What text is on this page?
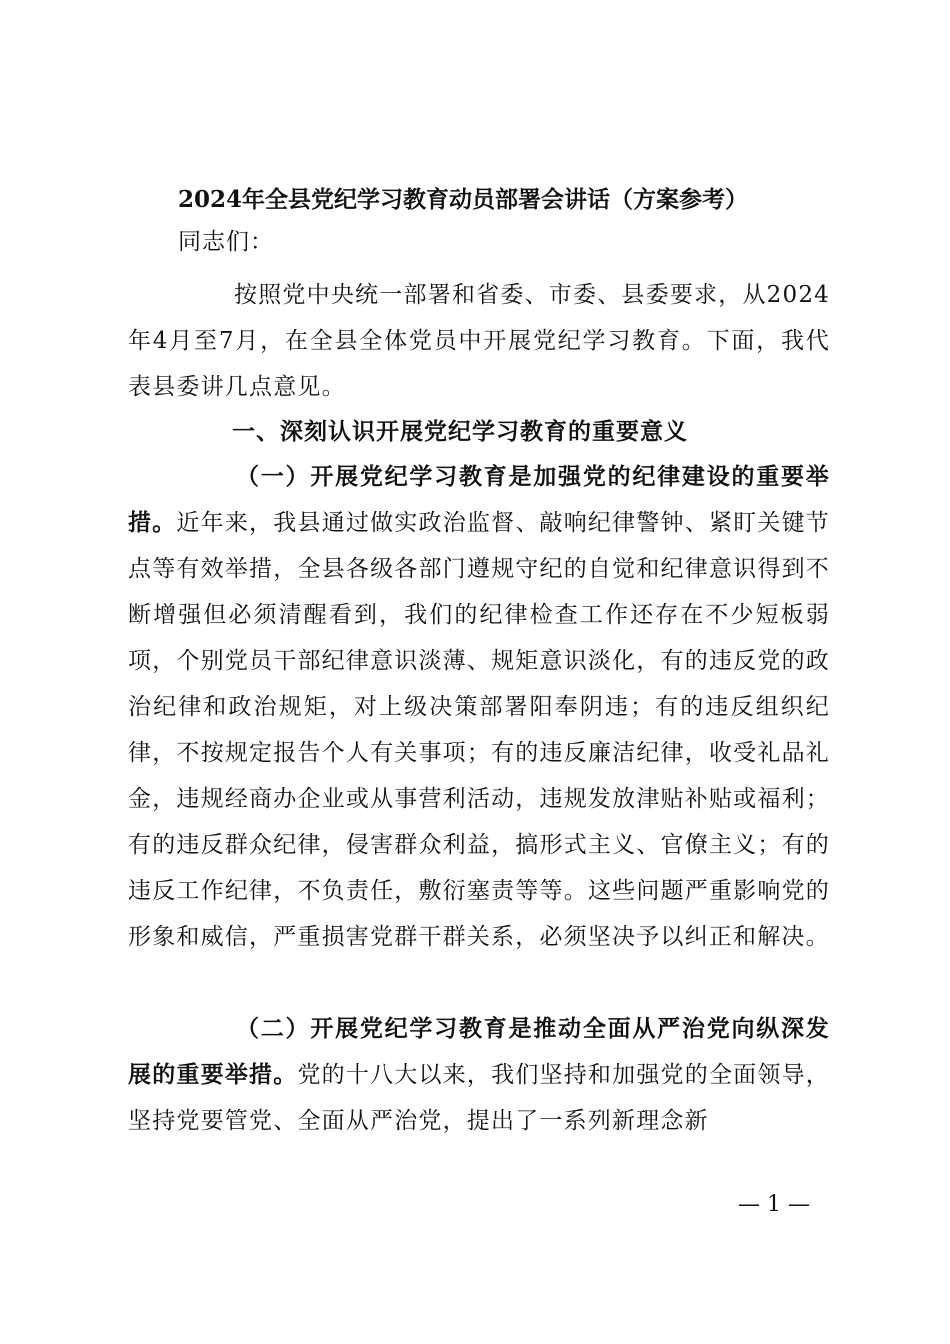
2024年全县党纪学习教育动员部署会讲话（方案参考）
同志们：
按照党中央统一部署和省委、市委、县委要求，从2024年4月至7月，在全县全体党员中开展党纪学习教育。下面，我代表县委讲几点意见。
一、深刻认识开展党纪学习教育的重要意义
（一）开展党纪学习教育是加强党的纪律建设的重要举措。近年来，我县通过做实政治监督、敲响纪律警钟、紧盯关键节点等有效举措，全县各级各部门遵规守纪的自觉和纪律意识得到不断增强但必须清醒看到，我们的纪律检查工作还存在不少短板弱项，个别党员干部纪律意识淡薄、规矩意识淡化，有的违反党的政治纪律和政治规矩，对上级决策部署阳奉阴违；有的违反组织纪律，不按规定报告个人有关事项；有的违反廉洁纪律，收受礼品礼金，违规经商办企业或从事营利活动，违规发放津贴补贴或福利；有的违反群众纪律，侵害群众利益，搞形式主义、官僚主义；有的违反工作纪律，不负责任，敷衍塞责等等。这些问题严重影响党的形象和威信，严重损害党群干群关系，必须坚决予以纠正和解决。
（二）开展党纪学习教育是推动全面从严治党向纵深发展的重要举措。党的十八大以来，我们坚持和加强党的全面领导，坚持党要管党、全面从严治党，提出了一系列新理念新
— 1 —
